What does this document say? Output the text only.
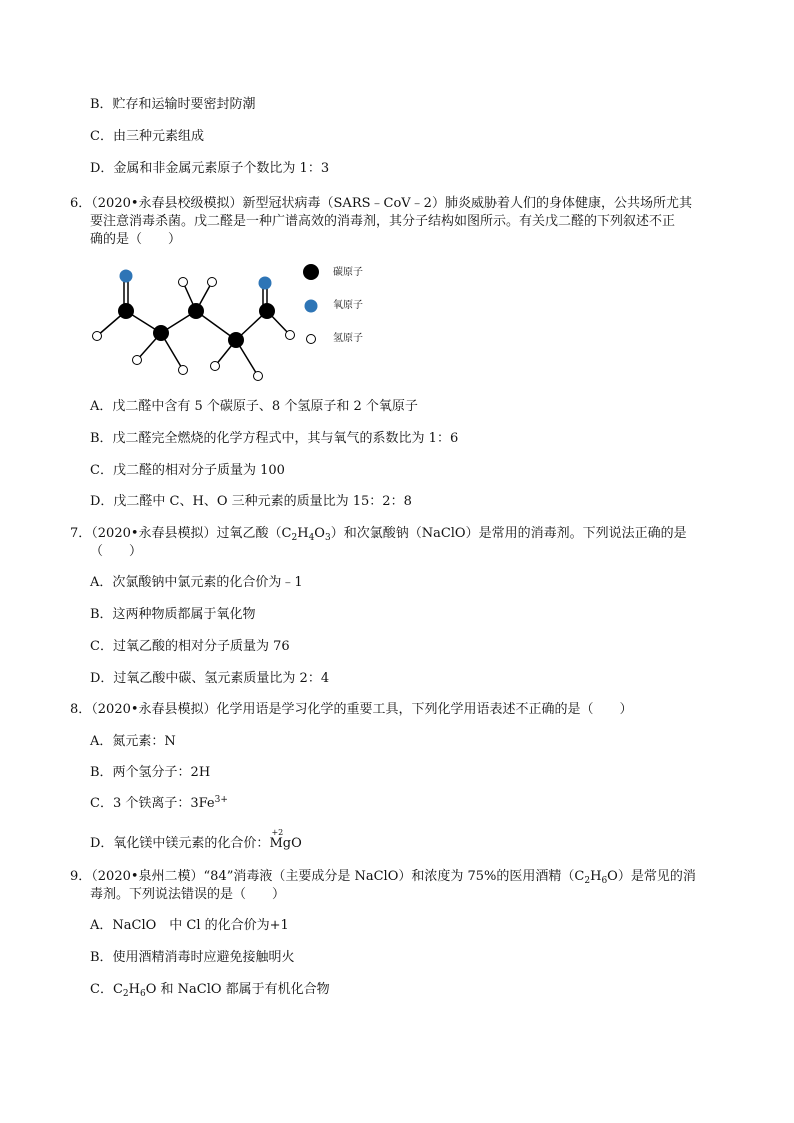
B．贮存和运输时要密封防潮
C．由三种元素组成
D．金属和非金属元素原子个数比为 1：3
6．（2020•永春县校级模拟）新型冠状病毒（SARS﹣CoV﹣2）肺炎威胁着人们的身体健康，公共场所尤其
要注意消毒杀菌。戊二醛是一种广谱高效的消毒剂，其分子结构如图所示。有关戊二醛的下列叙述不正
确的是（　　）
碳原子
氧原子
氢原子
A．戊二醛中含有 5 个碳原子、8 个氢原子和 2 个氧原子
B．戊二醛完全燃烧的化学方程式中，其与氧气的系数比为 1：6
C．戊二醛的相对分子质量为 100
D．戊二醛中 C、H、O 三种元素的质量比为 15：2：8
7．（2020•永春县模拟）过氧乙酸$(C_2H_4O_3)$和次氯酸钠（NaClO）是常用的消毒剂。下列说法正确的是
（　　）
A．次氯酸钠中氯元素的化合价为﹣1
B．这两种物质都属于氧化物
C．过氧乙酸的相对分子质量为 76
D．过氧乙酸中碳、氢元素质量比为 2：4
8．（2020•永春县模拟）化学用语是学习化学的重要工具，下列化学用语表述不正确的是（　　）
A．氮元素：N
B．两个氢分子：2H
C．3 个铁离子：$3Fe^{3+}$
D．氧化镁中镁元素的化合价：
+2
MgO
9．（2020•泉州二模）“84”消毒液（主要成分是 NaClO）和浓度为 75%的医用酒精$(C_2H_6O)$是常见的消
毒剂。下列说法错误的是（　　）
A．NaClO　中 Cl 的化合价为+1
B．使用酒精消毒时应避免接触明火
C．$C_2H_6O$ 和 NaClO 都属于有机化合物
